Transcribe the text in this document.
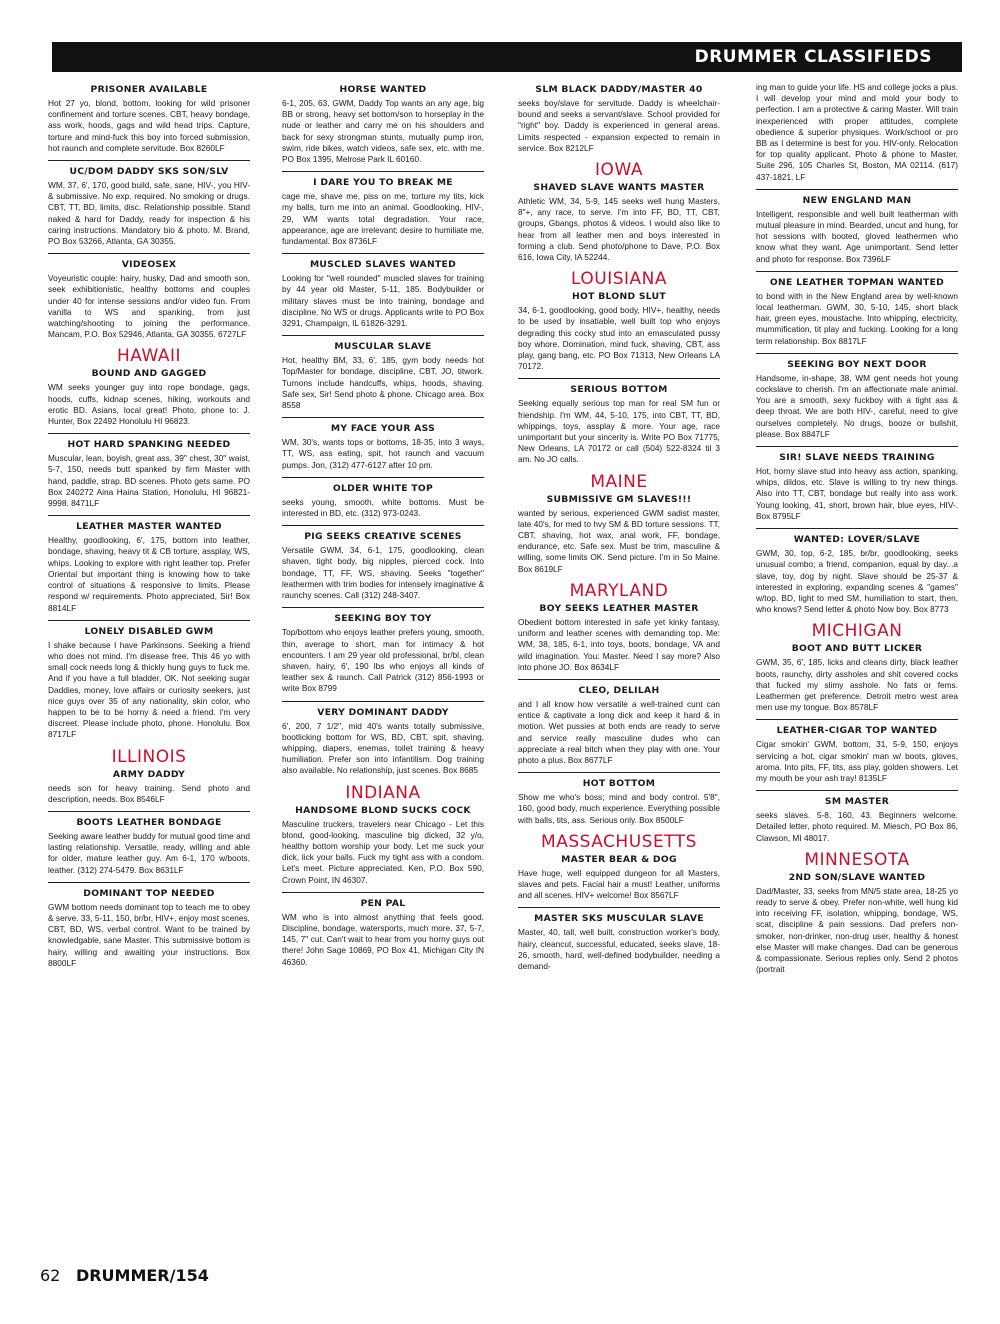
DRUMMER CLASSIFIEDS
PRISONER AVAILABLE

Hot 27 yo, blond, bottom, looking for wild prisoner confinement and torture scenes. CBT, heavy bondage, ass work, hoods, gags and wild head trips. Capture, torture and mind-fuck this boy into forced submission, hot raunch and complete servitude. Box 8260LF

UC/DOM DADDY SKS SON/SLV

WM, 37, 6', 170, good build, safe, sane, HIV-, you HIV- & submissive. No exp. required. No smoking or drugs. CBT, TT, BD, limits, disc. Relationship possible. Stand naked & hard for Daddy, ready for inspection & his caring instructions. Mandatory bio & photo. M. Brand, PO Box 53266, Atlanta, GA 30355.

VIDEOSEX

Voyeuristic couple: hairy, husky, Dad and smooth son, seek exhibitionistic, healthy bottoms and couples under 40 for intense sessions and/or video fun. From vanilla to WS and spanking, from just watching/shooting to joining the performance. Mancam, P.O. Box 52946, Atlanta, GA 30355. 6727LF

HAWAII
BOUND AND GAGGED

WM seeks younger guy into rope bondage, gags, hoods, cuffs, kidnap scenes, hiking, workouts and erotic BD. Asians, local great! Photo, phone to: J. Hunter, Box 22492 Honolulu HI 96823.

HOT HARD SPANKING NEEDED

Muscular, lean, boyish, great ass, 39" chest, 30" waist, 5-7, 150, needs butt spanked by firm Master with hand, paddle, strap. BD scenes. Photo gets same. PO Box 240272 Aina Haina Station, Honolulu, HI 96821-9998. 8471LF

LEATHER MASTER WANTED

Healthy, goodlooking, 6', 175, bottom into leather, bondage, shaving, heavy tit & CB torture, assplay, WS, whips. Looking to explore with right leather top. Prefer Oriental but important thing is knowing how to take control of situations & responsive to limits. Please respond w/ requirements. Photo appreciated, Sir! Box 8814LF

LONELY DISABLED GWM

I shake because I have Parkinsons. Seeking a friend who does not mind. I'm disease free. This 46 yo with small cock needs long & thickly hung guys to fuck me. And if you have a full bladder, OK. Not seeking sugar Daddies, money, love affairs or curiosity seekers, just nice guys over 35 of any nationality, skin color, who happen to be to be horny & need a friend. I'm very discreet. Please include photo, phone. Honolulu. Box 8717LF

ILLINOIS
ARMY DADDY

needs son for heavy training. Send photo and description, needs. Box 8546LF

BOOTS LEATHER BONDAGE

Seeking aware leather buddy for mutual good time and lasting relationship. Versatile, ready, willing and able for older, mature leather guy. Am 6-1, 170 w/boots, leather. (312) 274-5479. Box 8631LF

DOMINANT TOP NEEDED

GWM bottom needs dominant top to teach me to obey & serve. 33, 5-11, 150, br/br, HIV+, enjoy most scenes, CBT, BD, WS, verbal control. Want to be trained by knowledgable, sane Master. This submissive bottom is hairy, willing and awaiting your instructions. Box 8800LF

HORSE WANTED

6-1, 205, 63, GWM, Daddy Top wants an any age, big BB or strong, heavy set bottom/son to horseplay in the nude or leather and carry me on his shoulders and back for sexy strongman stunts, mutually pump iron, swim, ride bikes, watch videos, safe sex, etc. with me. PO Box 1395, Melrose Park IL 60160.

I DARE YOU TO BREAK ME

cage me, shave me, piss on me, torture my tits, kick my balls, turn me into an animal. Goodlooking, HIV-, 29, WM wants total degradation. Your race, appearance, age are irrelevant; desire to humiliate me, fundamental. Box 8736LF

MUSCLED SLAVES WANTED

Looking for "well rounded" muscled slaves for training by 44 year old Master, 5-11, 185. Bodybuilder or military slaves must be into training, bondage and discipline. No WS or drugs. Applicants write to PO Box 3291, Champaign, IL 61826-3291.

MUSCULAR SLAVE

Hot, healthy BM, 33, 6', 185, gym body needs hot Top/Master for bondage, discipline, CBT, JO, titwork. Turnons include handcuffs, whips, hoods, shaving. Safe sex, Sir! Send photo & phone. Chicago area. Box 8558

MY FACE YOUR ASS

WM, 30's, wants tops or bottoms, 18-35, into 3 ways, TT, WS, ass eating, spit, hot raunch and vacuum pumps. Jon, (312) 477-6127 after 10 pm.

OLDER WHITE TOP

seeks young, smooth, white bottoms. Must be interested in BD, etc. (312) 973-0243.

PIG SEEKS CREATIVE SCENES

Versatile GWM, 34, 6-1, 175, goodlooking, clean shaven, tight body, big nipples, pierced cock. Into bondage, TT, FF, WS, shaving. Seeks "together" leathermen with trim bodies for intensely imaginative & raunchy scenes. Call (312) 248-3407.

SEEKING BOY TOY

Top/bottom who enjoys leather prefers young, smooth, thin, average to short, man for intimacy & hot encounters. I am 29 year old professional, br/bl, clean shaven, hairy, 6', 190 lbs who enjoys all kinds of leather sex & raunch. Call Patrick (312) 856-1993 or write Box 8799

VERY DOMINANT DADDY

6', 200, 7 1/2", mid 40's wants totally submissive, bootlicking bottom for WS, BD, CBT, spit, shaving, whipping, diapers, enemas, toilet training & heavy humiliation. Prefer son into infantilism. Dog training also available. No relationship, just scenes. Box 8685

INDIANA
HANDSOME BLOND SUCKS COCK

Masculine truckers, travelers near Chicago - Let this blond, good-looking, masculine big dicked, 32 y/o, healthy bottom worship your body. Let me suck your dick, lick your balls. Fuck my tight ass with a condom. Let's meet. Picture appreciated. Ken, P.O. Box 590, Crown Point, IN 46307.

PEN PAL

WM who is into almost anything that feels good. Discipline, bondage, watersports, much more. 37, 5-7, 145, 7" cut. Can't wait to hear from you horny guys out there! John Sage 10869, PO Box 41, Michigan City IN 46360.

SLM BLACK DADDY/MASTER 40

seeks boy/slave for servitude. Daddy is wheelchair-bound and seeks a servant/slave. School provided for "right" boy. Daddy is experienced in general areas. Limits respected - expansion expected to remain in service. Box 8212LF

IOWA
SHAVED SLAVE WANTS MASTER

Athletic WM, 34, 5-9, 145 seeks well hung Masters, 8"+, any race, to serve. I'm into FF, BD, TT, CBT, groups, Gbangs, photos & videos. I would also like to hear from all leather men and boys interested in forming a club. Send photo/phone to Dave, P.O. Box 616, Iowa City, IA 52244.

LOUISIANA
HOT BLOND SLUT

34, 6-1, goodlooking, good body, HIV+, healthy, needs to be used by insatiable, well built top who enjoys degrading this cocky stud into an emasculated pussy boy whore. Domination, mind fuck, shaving, CBT, ass play, gang bang, etc. PO Box 71313, New Orleans LA 70172.

SERIOUS BOTTOM

Seeking equally serious top man for real SM fun or friendship. I'm WM, 44, 5-10, 175, into CBT, TT, BD, whippings, toys, assplay & more. Your age, race unimportant but your sincerity is. Write PO Box 71775, New Orleans, LA 70172 or call (504) 522-8324 til 3 am. No JO calls.

MAINE
SUBMISSIVE GM SLAVES!!!

wanted by serious, experienced GWM sadist master, late 40's, for med to hvy SM & BD torture sessions. TT, CBT, shaving, hot wax, anal work, FF, bondage, endurance, etc. Safe sex. Must be trim, masculine & willing, some limits OK. Send picture. I'm in So Maine. Box 8619LF

MARYLAND
BOY SEEKS LEATHER MASTER

Obedient bottom interested in safe yet kinky fantasy, uniform and leather scenes with demanding top. Me: WM, 38, 185, 6-1, into toys, boots, bondage, VA and wild imagination. You: Master. Need I say more? Also into phone JO. Box 8634LF

CLEO, DELILAH

and I all know how versatile a well-trained cunt can entice & captivate a long dick and keep it hard & in motion. Wet pussies at both ends are ready to serve and service really masculine dudes who can appreciate a real bitch when they play with one. Your photo a plus. Box 8677LF

HOT BOTTOM

Show me who's boss; mind and body control. 5'8", 160, good body, much experience. Everything possible with balls, tits, ass. Serious only. Box 8500LF

MASSACHUSETTS
MASTER BEAR & DOG

Have huge, well equipped dungeon for all Masters, slaves and pets. Facial hair a must! Leather, uniforms and all scenes. HIV+ welcome! Box 8567LF

MASTER SKS MUSCULAR SLAVE

Master, 40, tall, well built, construction worker's body, hairy, cleancut, successful, educated, seeks slave, 18-26, smooth, hard, well-defined bodybuilder, needing a demand-

ing man to guide your life. HS and college jocks a plus. I will develop your mind and mold your body to perfection. I am a protective & caring Master. Will train inexperienced with proper attitudes, complete obedience & superior physiques. Work/school or pro BB as I determine is best for you. HIV-only. Relocation for top quality applicant. Photo & phone to Master, Suite 296, 105 Charles St, Boston, MA 02114. (617) 437-1821. LF

NEW ENGLAND MAN

Intelligent, responsible and well built leatherman with mutual pleasure in mind. Bearded, uncut and hung, for hot sessions with booted, gloved leathermen who know what they want. Age unimportant. Send letter and photo for response. Box 7396LF

ONE LEATHER TOPMAN WANTED

to bond with in the New England area by well-known local leatherman. GWM, 30, 5-10, 145, short black hair, green eyes, moustache. Into whipping, electricity, mummification, tit play and fucking. Looking for a long term relationship. Box 8817LF

SEEKING BOY NEXT DOOR

Handsome, in-shape, 38, WM gent needs hot young cockslave to cherish. I'm an affectionate male animal. You are a smooth, sexy fuckboy with a tight ass & deep throat. We are both HIV-, careful, need to give ourselves completely. No drugs, booze or bullshit, please. Box 8847LF

SIR! SLAVE NEEDS TRAINING

Hot, horny slave stud into heavy ass action, spanking, whips, dildos, etc. Slave is willing to try new things. Also into TT, CBT, bondage but really into ass work. Young looking, 41, short, brown hair, blue eyes, HIV-. Box 8795LF

WANTED: LOVER/SLAVE

GWM, 30, top, 6-2, 185, br/br, goodlooking, seeks unusual combo; a friend, companion, equal by day...a slave, toy, dog by night. Slave should be 25-37 & interested in exploring, expanding scenes & "games" w/top. BD, light to med SM, humiliation to start, then, who knows? Send letter & photo Now boy. Box 8773

MICHIGAN
BOOT AND BUTT LICKER

GWM, 35, 6', 185, licks and cleans dirty, black leather boots, raunchy, dirty assholes and shit covered cocks that fucked my slimy asshole. No fats or fems. Leathermen get preference. Detroit metro west area men use my tongue. Box 8578LF

LEATHER-CIGAR TOP WANTED

Cigar smokin' GWM, bottom, 31, 5-9, 150, enjoys servicing a hot, cigar smokin' man w/ boots, gloves, aroma. Into pits, FF, tits, ass play, golden showers. Let my mouth be your ash tray! 8135LF

SM MASTER

seeks slaves. 5-8, 160, 43. Beginners welcome. Detailed letter, photo required. M. Miesch, PO Box 86, Clawson, MI 48017.

MINNESOTA
2ND SON/SLAVE WANTED

Dad/Master, 33, seeks from MN/5 state area, 18-25 yo ready to serve & obey. Prefer non-white, well hung kid into receiving FF, isolation, whipping, bondage, WS, scat, discipline & pain sessions. Dad prefers non-smoker, non-drinker, non-drug user, healthy & honest else Master will make changes. Dad can be generous & compassionate. Serious replies only. Send 2 photos (portrait

62 DRUMMER/154
